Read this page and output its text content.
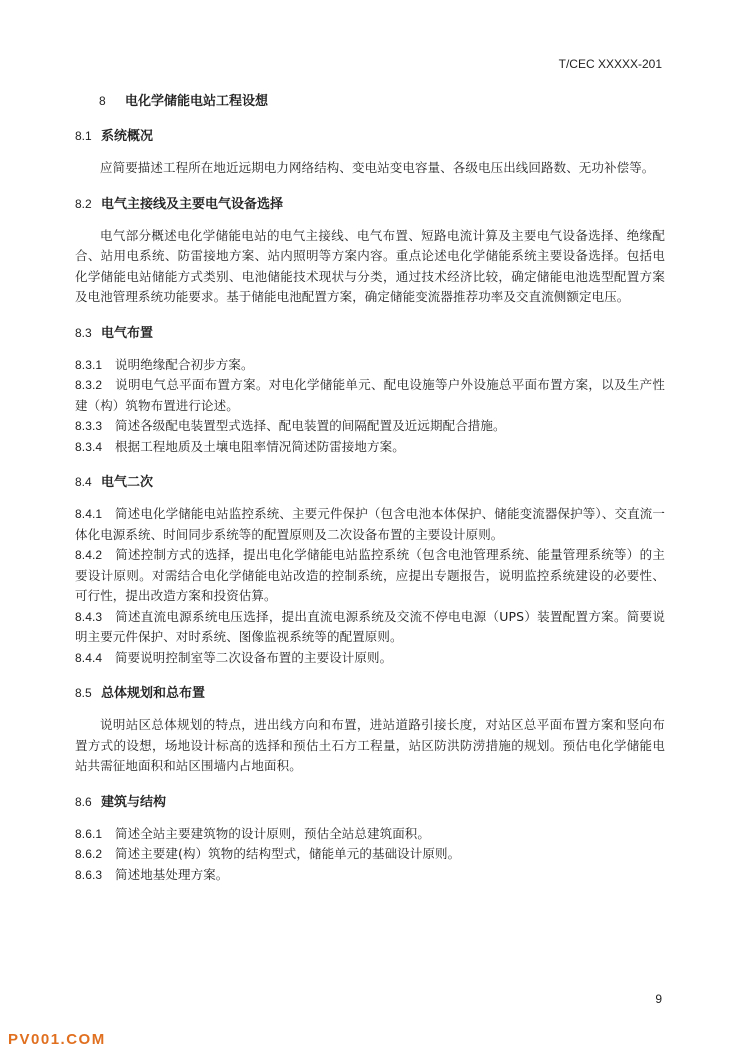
T/CEC XXXXX-201
8	电化学储能电站工程设想
8.1 系统概况
应简要描述工程所在地近远期电力网络结构、变电站变电容量、各级电压出线回路数、无功补偿等。
8.2 电气主接线及主要电气设备选择
电气部分概述电化学储能电站的电气主接线、电气布置、短路电流计算及主要电气设备选择、绝缘配合、站用电系统、防雷接地方案、站内照明等方案内容。重点论述电化学储能系统主要设备选择。包括电化学储能电站储能方式类别、电池储能技术现状与分类，通过技术经济比较，确定储能电池选型配置方案及电池管理系统功能要求。基于储能电池配置方案，确定储能变流器推荐功率及交直流侧额定电压。
8.3 电气布置
8.3.1 说明绝缘配合初步方案。
8.3.2 说明电气总平面布置方案。对电化学储能单元、配电设施等户外设施总平面布置方案，以及生产性建（构）筑物布置进行论述。
8.3.3 简述各级配电装置型式选择、配电装置的间隔配置及近远期配合措施。
8.3.4 根据工程地质及土壤电阻率情况简述防雷接地方案。
8.4 电气二次
8.4.1 简述电化学储能电站监控系统、主要元件保护（包含电池本体保护、储能变流器保护等）、交直流一体化电源系统、时间同步系统等的配置原则及二次设备布置的主要设计原则。
8.4.2 简述控制方式的选择，提出电化学储能电站监控系统（包含电池管理系统、能量管理系统等）的主要设计原则。对需结合电化学储能电站改造的控制系统，应提出专题报告，说明监控系统建设的必要性、可行性，提出改造方案和投资估算。
8.4.3 简述直流电源系统电压选择，提出直流电源系统及交流不停电电源（UPS）装置配置方案。简要说明主要元件保护、对时系统、图像监视系统等的配置原则。
8.4.4 简要说明控制室等二次设备布置的主要设计原则。
8.5 总体规划和总布置
说明站区总体规划的特点，进出线方向和布置，进站道路引接长度，对站区总平面布置方案和竖向布置方式的设想，场地设计标高的选择和预估土石方工程量，站区防洪防涝措施的规划。预估电化学储能电站共需征地面积和站区围墙内占地面积。
8.6 建筑与结构
8.6.1 简述全站主要建筑物的设计原则，预估全站总建筑面积。
8.6.2 简述主要建(构）筑物的结构型式，储能单元的基础设计原则。
8.6.3 简述地基处理方案。
9
PV001.COM
